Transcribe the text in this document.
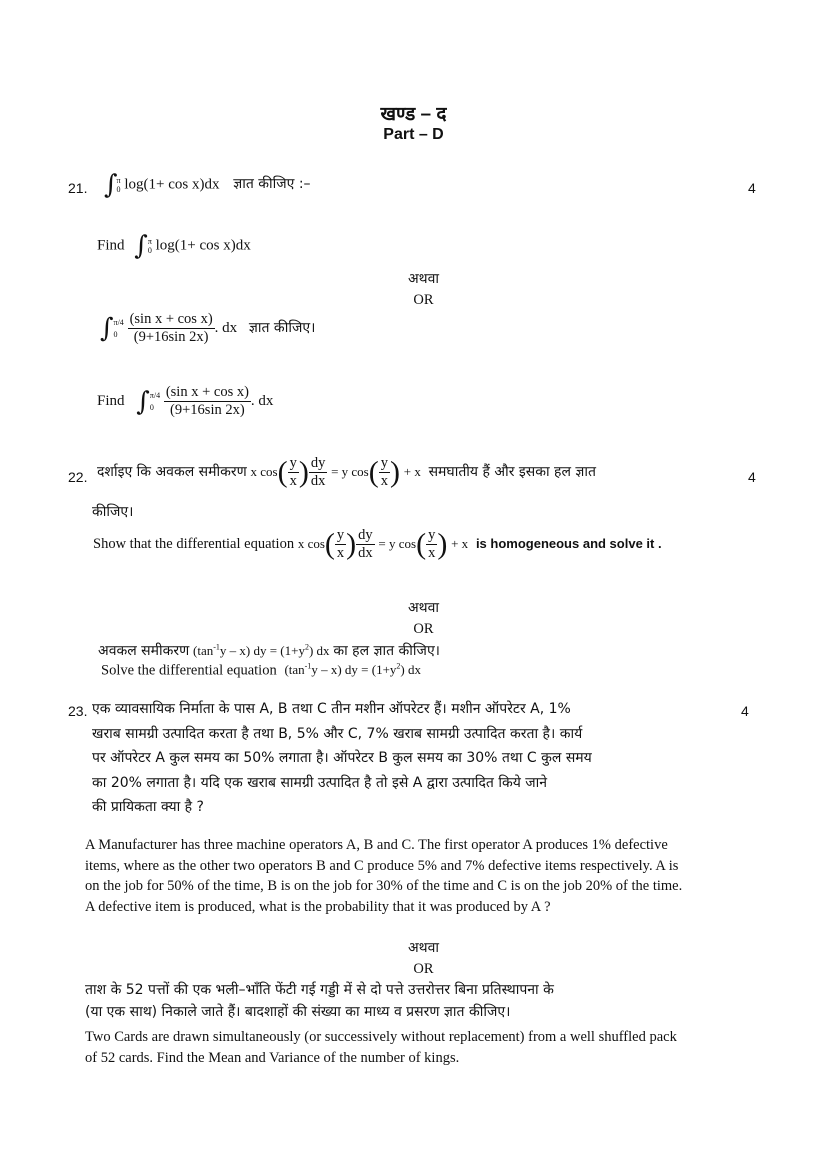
खण्ड – द
Part – D
21.	4
∫ π
0 log(1+ cos x)dx ज्ञात कीजिए :–
Find ∫ π
0 log(1+ cos x)dx
अथवा
OR
∫ π/4
0
$\frac{\text{(sin x + cos x)}}{(9+16\sin 2x)}$ . dx ज्ञात कीजिए।
Find ∫ π/4
0
$\frac{\text{(sin x + cos x)}}{(9+16\sin 2x)}$ . dx
22.	4
दर्शाइए कि अवकल समीकरण x $\cos( \frac{y}{x}$ ) $\frac{dy}{dx} = y$ $\cos( \frac{y}{x}$ ) + x समघातीय हैं और इसका हल ज्ञात
कीजिए।
Show that the differential equation x $\cos( \frac{y}{x}$ ) $\frac{dy}{dx} = y$ $\cos( \frac{y}{x}$ ) + x is homogeneous and solve it .
अथवा
OR
अवकल समीकरण $(\tan^{-1}y - x)$ dy = $(1+y^2)$ dx का हल ज्ञात कीजिए।
Solve the differential equation $(\tan^{-1}y - x)$ dy = $(1+y^2)$ dx
23.	4
एक व्यावसायिक निर्माता के पास A, B तथा C तीन मशीन ऑपरेटर हैं। मशीन ऑपरेटर A, 1%
खराब सामग्री उत्पादित करता है तथा B, 5% और C, 7% खराब सामग्री उत्पादित करता है। कार्य
पर ऑपरेटर A कुल समय का 50% लगाता है। ऑपरेटर B कुल समय का 30% तथा C कुल समय
का 20% लगाता है। यदि एक खराब सामग्री उत्पादित है तो इसे A द्वारा उत्पादित किये जाने
की प्रायिकता क्या है ?
A Manufacturer has three machine operators A, B and C. The first operator A produces 1% defective
items, where as the other two operators B and C produce 5% and 7% defective items respectively. A is
on the job for 50% of the time, B is on the job for 30% of the time and C is on the job 20% of the time.
A defective item is produced, what is the probability that it was produced by A ?
अथवा
OR
ताश के 52 पत्तों की एक भली–भाँति फेंटी गई गड्डी में से दो पत्ते उत्तरोत्तर बिना प्रतिस्थापना के
(या एक साथ) निकाले जाते हैं। बादशाहों की संख्या का माध्य व प्रसरण ज्ञात कीजिए।
Two Cards are drawn simultaneously (or successively without replacement) from a well shuffled pack
of 52 cards. Find the Mean and Variance of the number of kings.
